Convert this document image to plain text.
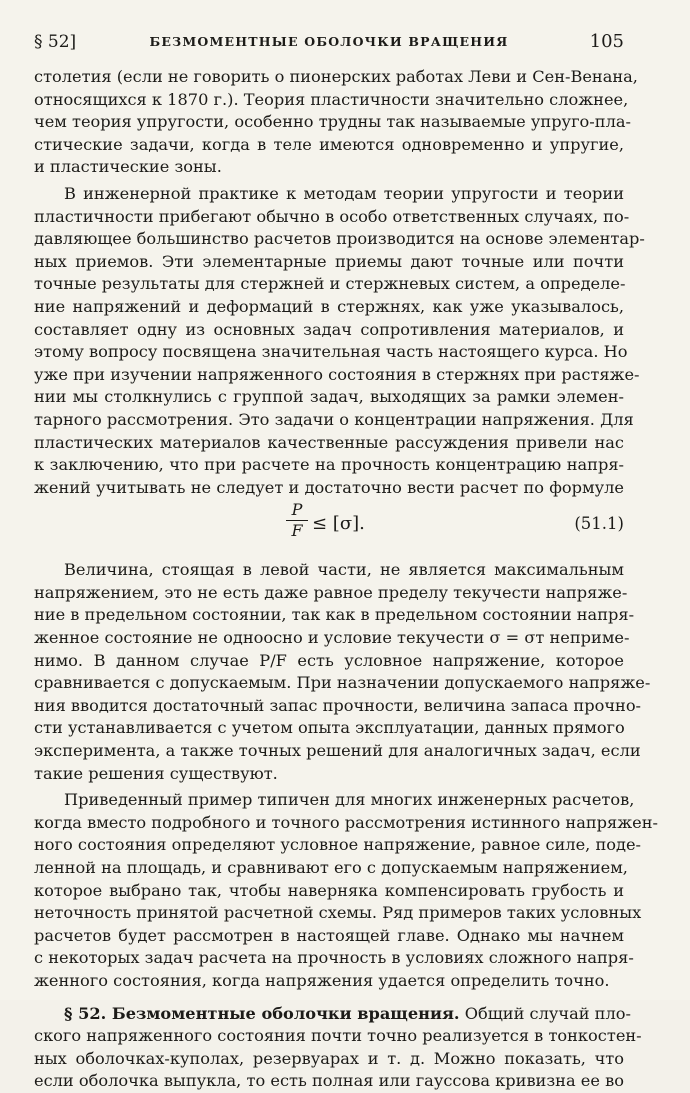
§ 52]	БЕЗМОМЕНТНЫЕ ОБОЛОЧКИ ВРАЩЕНИЯ	105

столетия (если не говорить о пионерских работах Леви и Сен-Венана,
относящихся к 1870 г.). Теория пластичности значительно сложнее,
чем теория упругости, особенно трудны так называемые упруго-пла-
стические задачи, когда в теле имеются одновременно и упругие,
и пластические зоны.

В инженерной практике к методам теории упругости и теории
пластичности прибегают обычно в особо ответственных случаях, по-
давляющее большинство расчетов производится на основе элементар-
ных приемов. Эти элементарные приемы дают точные или почти
точные результаты для стержней и стержневых систем, а определе-
ние напряжений и деформаций в стержнях, как уже указывалось,
составляет одну из основных задач сопротивления материалов, и
этому вопросу посвящена значительная часть настоящего курса. Но
уже при изучении напряженного состояния в стержнях при растяже-
нии мы столкнулись с группой задач, выходящих за рамки элемен-
тарного рассмотрения. Это задачи о концентрации напряжения. Для
пластических материалов качественные рассуждения привели нас
к заключению, что при расчете на прочность концентрацию напря-
жений учитывать не следует и достаточно вести расчет по формуле

$\frac{P}{F} \le [\sigma]$.	(51.1)

Величина, стоящая в левой части, не является максимальным
напряжением, это не есть даже равное пределу текучести напряже-
ние в предельном состоянии, так как в предельном состоянии напря-
женное состояние не одноосно и условие текучести σ = σт неприме-
нимо. В данном случае P/F есть условное напряжение, которое
сравнивается с допускаемым. При назначении допускаемого напряже-
ния вводится достаточный запас прочности, величина запаса прочно-
сти устанавливается с учетом опыта эксплуатации, данных прямого
эксперимента, а также точных решений для аналогичных задач, если
такие решения существуют.

Приведенный пример типичен для многих инженерных расчетов,
когда вместо подробного и точного рассмотрения истинного напряжен-
ного состояния определяют условное напряжение, равное силе, поде-
ленной на площадь, и сравнивают его с допускаемым напряжением,
которое выбрано так, чтобы наверняка компенсировать грубость и
неточность принятой расчетной схемы. Ряд примеров таких условных
расчетов будет рассмотрен в настоящей главе. Однако мы начнем
с некоторых задач расчета на прочность в условиях сложного напря-
женного состояния, когда напряжения удается определить точно.

§ 52. Безмоментные оболочки вращения. Общий случай пло-
ского напряженного состояния почти точно реализуется в тонкостен-
ных оболочках-куполах, резервуарах и т. д. Можно показать, что
если оболочка выпукла, то есть полная или гауссова кривизна ее во
